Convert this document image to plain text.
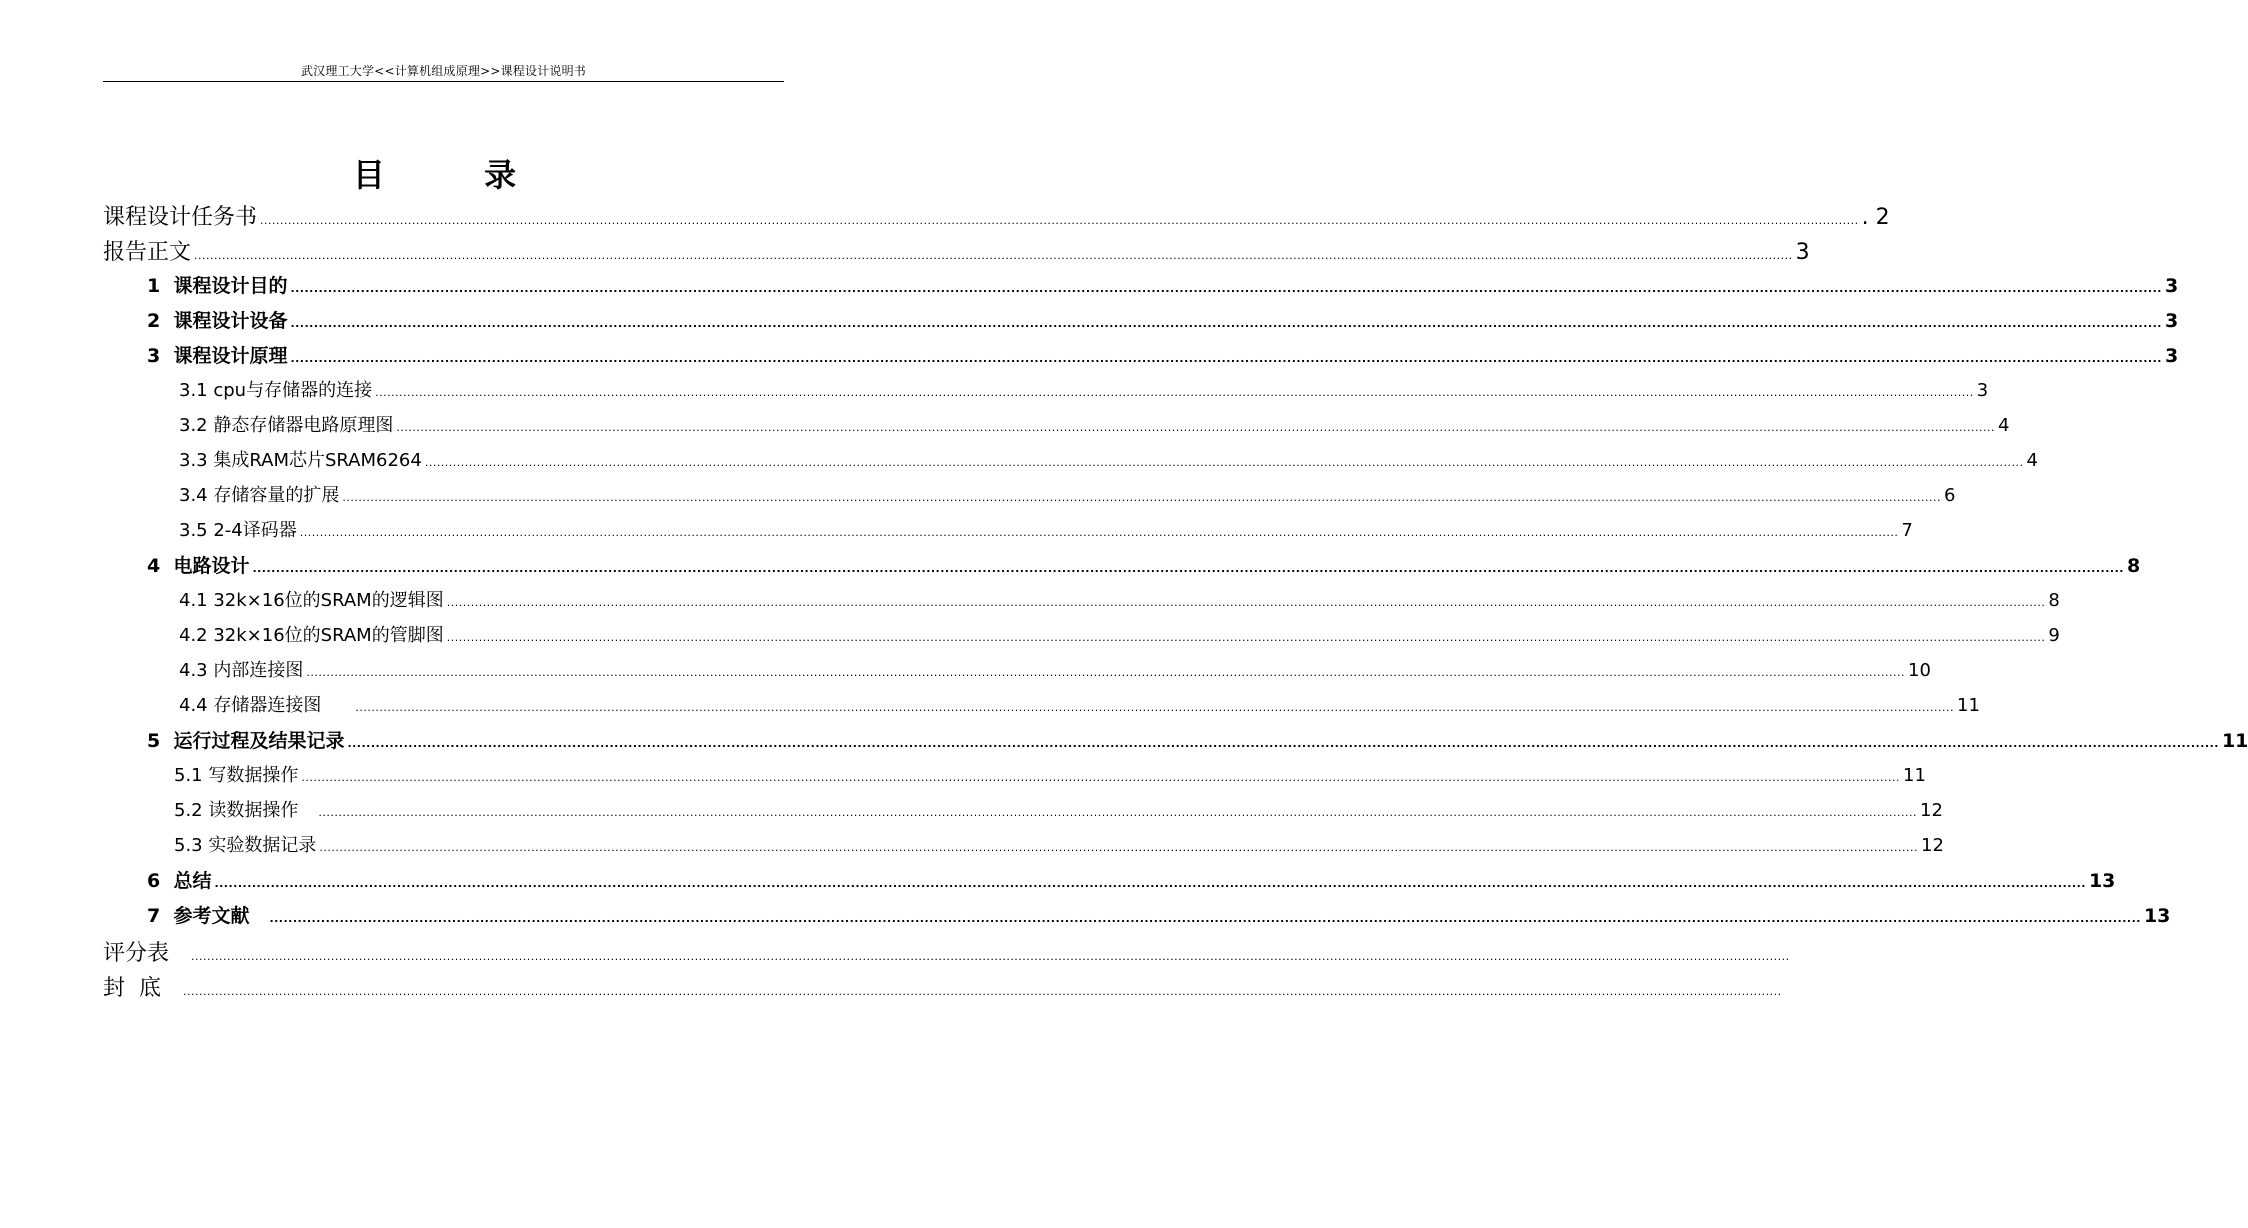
武汉理工大学<<计算机组成原理>>课程设计说明书
目 录
课程设计任务书 ................................................................................................................................................................................................................................................................................................................................................................................................................ . 2
报告正文 ................................................................................................................................................................................................................................................................................................................................................................................................................ 3
1  课程设计目的 ................................................................................................................................................................................................................................................................................................................................................................................................................ 3
2  课程设计设备 ................................................................................................................................................................................................................................................................................................................................................................................................................ 3
3  课程设计原理 ................................................................................................................................................................................................................................................................................................................................................................................................................ 3
3.1 cpu与存储器的连接 ................................................................................................................................................................................................................................................................................................................................................................................................................ 3
3.2 静态存储器电路原理图 ................................................................................................................................................................................................................................................................................................................................................................................................................ 4
3.3 集成RAM芯片SRAM6264 ................................................................................................................................................................................................................................................................................................................................................................................................................ 4
3.4 存储容量的扩展 ................................................................................................................................................................................................................................................................................................................................................................................................................ 6
3.5 2-4译码器 ................................................................................................................................................................................................................................................................................................................................................................................................................ 7
4  电路设计 ................................................................................................................................................................................................................................................................................................................................................................................................................ 8
4.1 32k×16位的SRAM的逻辑图 ................................................................................................................................................................................................................................................................................................................................................................................................................ 8
4.2 32k×16位的SRAM的管脚图 ................................................................................................................................................................................................................................................................................................................................................................................................................ 9
4.3 内部连接图 ................................................................................................................................................................................................................................................................................................................................................................................................................ 10
4.4 存储器连接图	................................................................................................................................................................................................................................................................................................................................................................................................................ 11
5  运行过程及结果记录 ................................................................................................................................................................................................................................................................................................................................................................................................................ 11
5.1 写数据操作 ................................................................................................................................................................................................................................................................................................................................................................................................................ 11
5.2 读数据操作 ................................................................................................................................................................................................................................................................................................................................................................................................................ 12
5.3 实验数据记录 ................................................................................................................................................................................................................................................................................................................................................................................................................ 12
6  总结 ................................................................................................................................................................................................................................................................................................................................................................................................................ 13
7  参考文献 ................................................................................................................................................................................................................................................................................................................................................................................................................ 13
评分表 ................................................................................................................................................................................................................................................................................................................................................................................................................
封  底 ................................................................................................................................................................................................................................................................................................................................................................................................................
